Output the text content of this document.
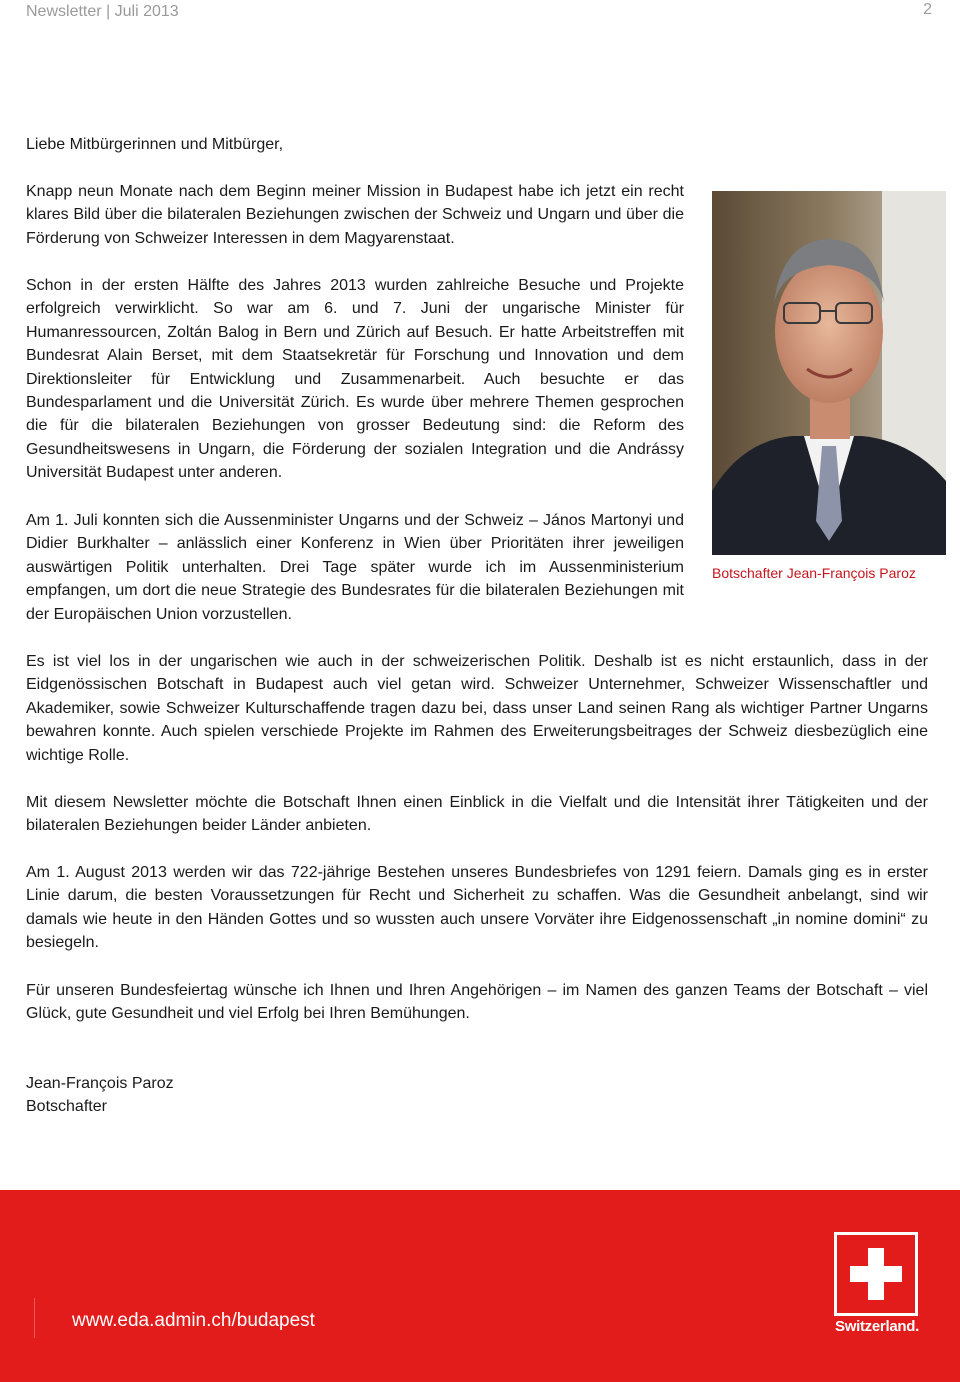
Newsletter | Juli 2013	2

Liebe Mitbürgerinnen und Mitbürger,

Knapp neun Monate nach dem Beginn meiner Mission in Budapest habe ich jetzt ein recht klares Bild über die bilateralen Beziehungen zwischen der Schweiz und Ungarn und über die Förderung von Schweizer Interessen in dem Magyarenstaat.

Schon in der ersten Hälfte des Jahres 2013 wurden zahlreiche Besuche und Projekte erfolgreich verwirklicht. So war am 6. und 7. Juni der ungarische Minister für Humanressourcen, Zoltán Balog in Bern und Zürich auf Besuch. Er hatte Arbeitstreffen mit Bundesrat Alain Berset, mit dem Staatsekretär für Forschung und Innovation und dem Direktionsleiter für Entwicklung und Zusammenarbeit. Auch besuchte er das Bundesparlament und die Universität Zürich. Es wurde über mehrere Themen gesprochen die für die bilateralen Beziehungen von grosser Bedeutung sind: die Reform des Gesundheitswesens in Ungarn, die Förderung der sozialen Integration und die Andrássy Universität Budapest unter anderen.

Am 1. Juli konnten sich die Aussenminister Ungarns und der Schweiz – János Martonyi und Didier Burkhalter – anlässlich einer Konferenz in Wien über Prioritäten ihrer jeweiligen auswärtigen Politik unterhalten. Drei Tage später wurde ich im Aussenministerium empfangen, um dort die neue Strategie des Bundesrates für die bilateralen Beziehungen mit der Europäischen Union vorzustellen.

Botschafter Jean-François Paroz

Es ist viel los in der ungarischen wie auch in der schweizerischen Politik. Deshalb ist es nicht erstaunlich, dass in der Eidgenössischen Botschaft in Budapest auch viel getan wird. Schweizer Unternehmer, Schweizer Wissenschaftler und Akademiker, sowie Schweizer Kulturschaffende tragen dazu bei, dass unser Land seinen Rang als wichtiger Partner Ungarns bewahren konnte. Auch spielen verschiede Projekte im Rahmen des Erweiterungsbeitrages der Schweiz diesbezüglich eine wichtige Rolle.

Mit diesem Newsletter möchte die Botschaft Ihnen einen Einblick in die Vielfalt und die Intensität ihrer Tätigkeiten und der bilateralen Beziehungen beider Länder anbieten.

Am 1. August 2013 werden wir das 722-jährige Bestehen unseres Bundesbriefes von 1291 feiern. Damals ging es in erster Linie darum, die besten Voraussetzungen für Recht und Sicherheit zu schaffen. Was die Gesundheit anbelangt, sind wir damals wie heute in den Händen Gottes und so wussten auch unsere Vorväter ihre Eidgenossenschaft „in nomine domini“ zu besiegeln.

Für unseren Bundesfeiertag wünsche ich Ihnen und Ihren Angehörigen – im Namen des ganzen Teams der Botschaft – viel Glück, gute Gesundheit und viel Erfolg bei Ihren Bemühungen.

Jean-François Paroz
Botschafter
www.eda.admin.ch/budapest	Switzerland.
